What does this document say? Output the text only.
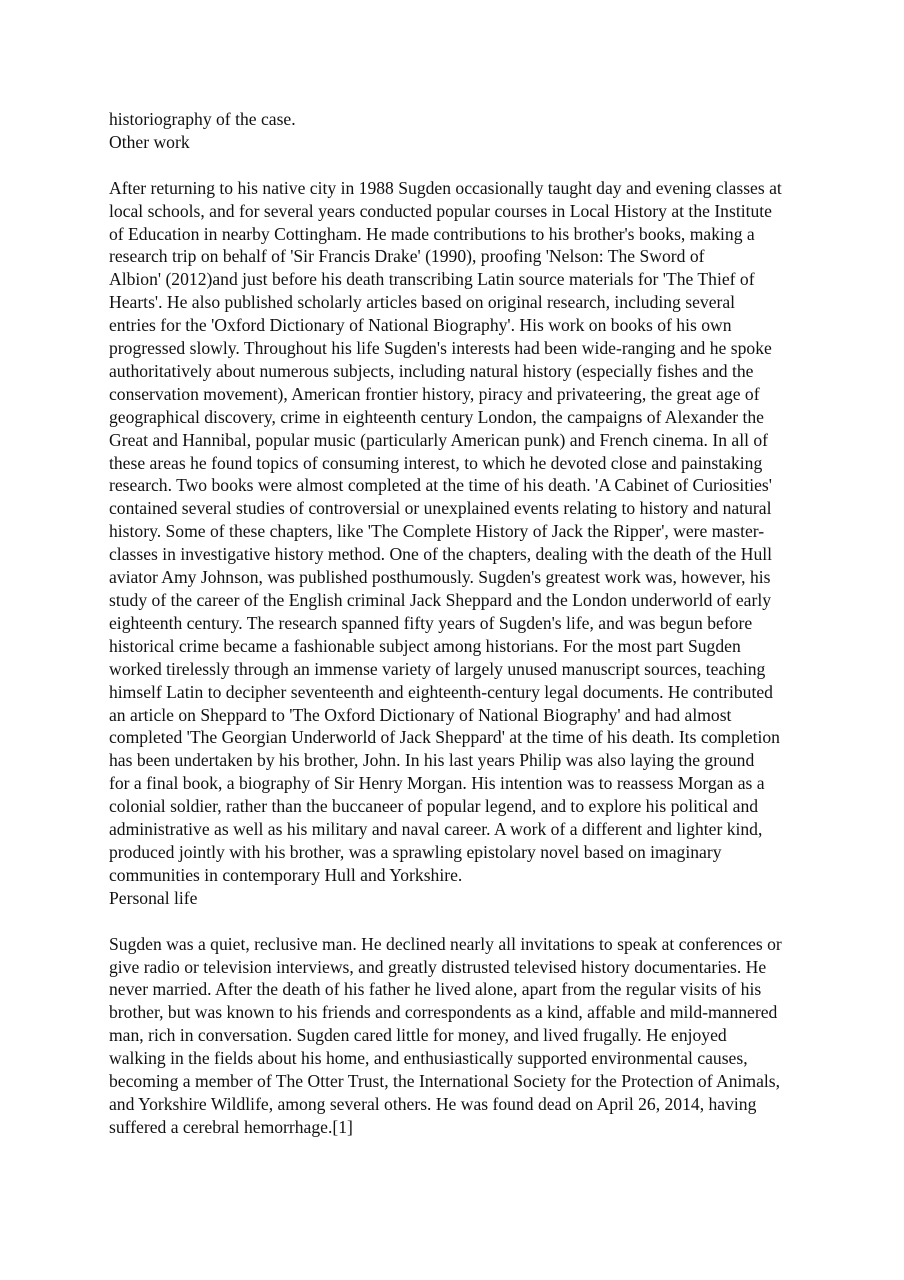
historiography of the case.

Other work

After returning to his native city in 1988 Sugden occasionally taught day and evening classes at

local schools, and for several years conducted popular courses in Local History at the Institute

of Education in nearby Cottingham. He made contributions to his brother's books, making a

research trip on behalf of 'Sir Francis Drake' (1990), proofing 'Nelson: The Sword of

Albion' (2012)and just before his death transcribing Latin source materials for 'The Thief of

Hearts'. He also published scholarly articles based on original research, including several

entries for the 'Oxford Dictionary of National Biography'. His work on books of his own

progressed slowly. Throughout his life Sugden's interests had been wide-ranging and he spoke

authoritatively about numerous subjects, including natural history (especially fishes and the

conservation movement), American frontier history, piracy and privateering, the great age of

geographical discovery, crime in eighteenth century London, the campaigns of Alexander the

Great and Hannibal, popular music (particularly American punk) and French cinema. In all of

these areas he found topics of consuming interest, to which he devoted close and painstaking

research. Two books were almost completed at the time of his death. 'A Cabinet of Curiosities'

contained several studies of controversial or unexplained events relating to history and natural

history. Some of these chapters, like 'The Complete History of Jack the Ripper', were master-

classes in investigative history method. One of the chapters, dealing with the death of the Hull

aviator Amy Johnson, was published posthumously. Sugden's greatest work was, however, his

study of the career of the English criminal Jack Sheppard and the London underworld of early

eighteenth century. The research spanned fifty years of Sugden's life, and was begun before

historical crime became a fashionable subject among historians. For the most part Sugden

worked tirelessly through an immense variety of largely unused manuscript sources, teaching

himself Latin to decipher seventeenth and eighteenth-century legal documents. He contributed

an article on Sheppard to 'The Oxford Dictionary of National Biography' and had almost

completed 'The Georgian Underworld of Jack Sheppard' at the time of his death. Its completion

has been undertaken by his brother, John. In his last years Philip was also laying the ground

for a final book, a biography of Sir Henry Morgan. His intention was to reassess Morgan as a

colonial soldier, rather than the buccaneer of popular legend, and to explore his political and

administrative as well as his military and naval career. A work of a different and lighter kind,

produced jointly with his brother, was a sprawling epistolary novel based on imaginary

communities in contemporary Hull and Yorkshire.

Personal life

Sugden was a quiet, reclusive man. He declined nearly all invitations to speak at conferences or

give radio or television interviews, and greatly distrusted televised history documentaries. He

never married. After the death of his father he lived alone, apart from the regular visits of his

brother, but was known to his friends and correspondents as a kind, affable and mild-mannered

man, rich in conversation. Sugden cared little for money, and lived frugally. He enjoyed

walking in the fields about his home, and enthusiastically supported environmental causes,

becoming a member of The Otter Trust, the International Society for the Protection of Animals,

and Yorkshire Wildlife, among several others. He was found dead on April 26, 2014, having

suffered a cerebral hemorrhage.[1]
